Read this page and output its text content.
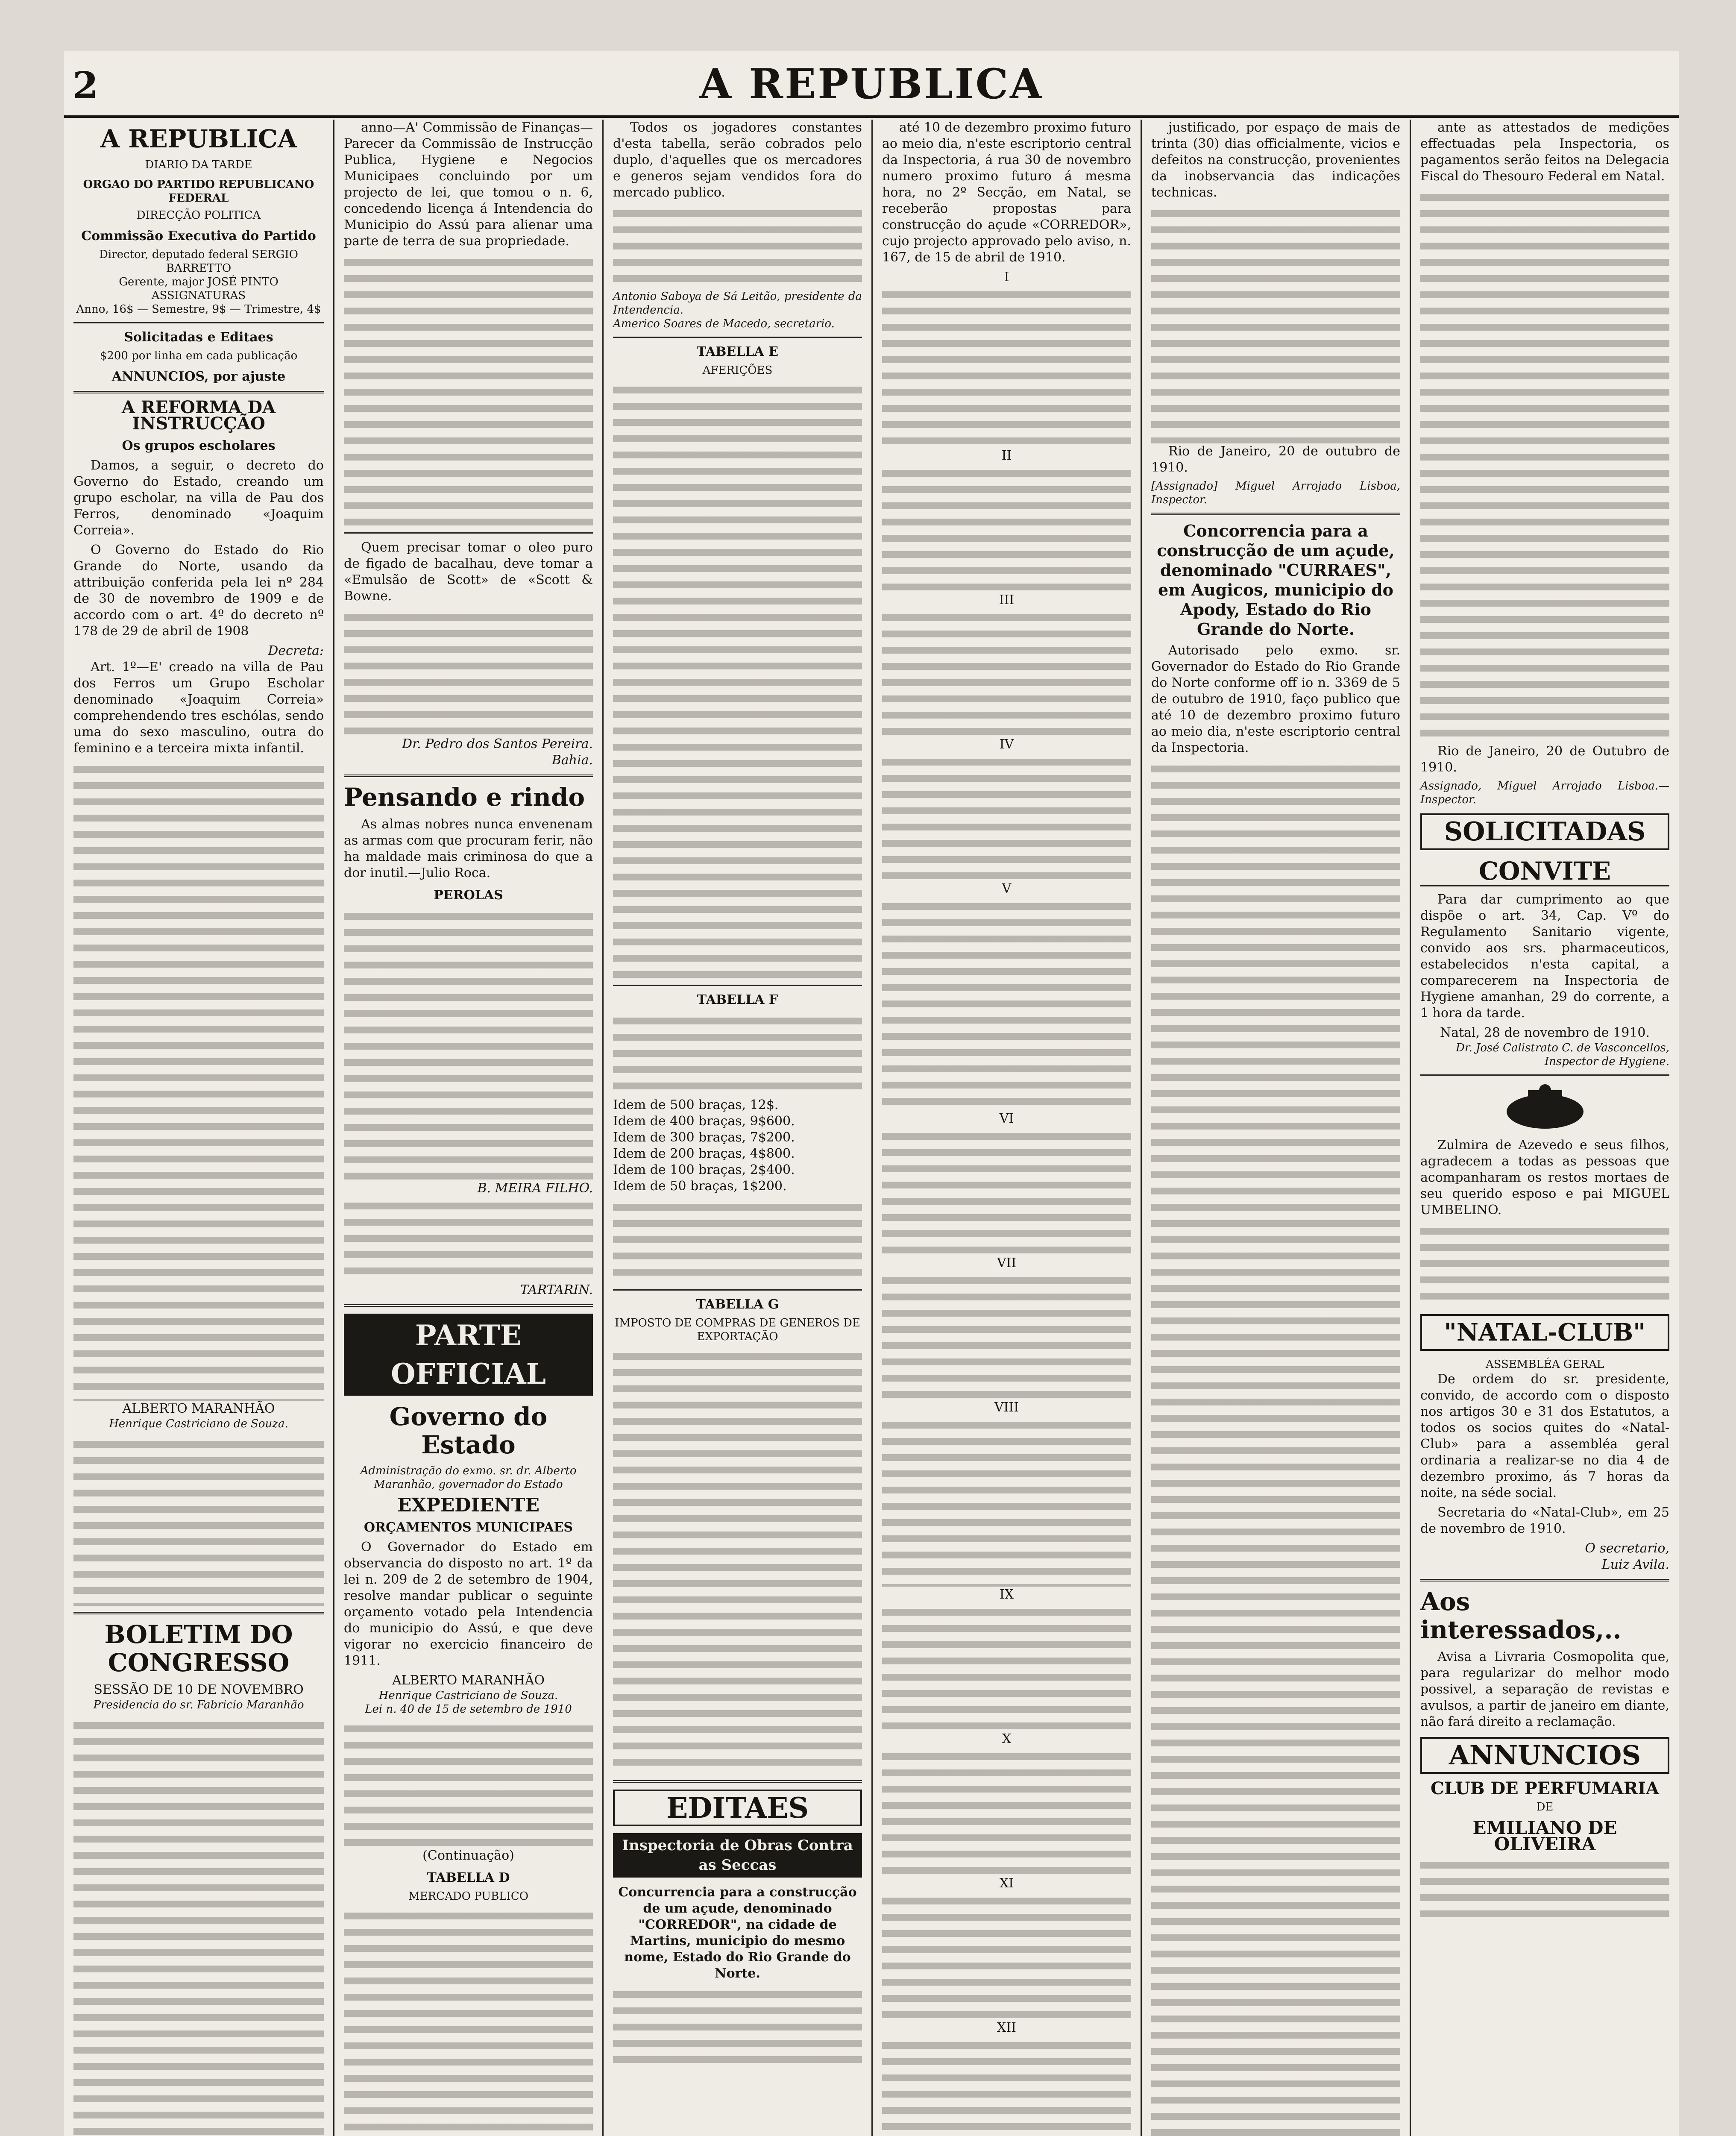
2	A REPUBLICA
A REPUBLICA
DIARIO DA TARDE
ORGAO DO PARTIDO REPUBLICANO FEDERAL
DIRECÇÃO POLITICA
Commissão Executiva do Partido
Director, deputado federal SERGIO BARRETTO
Gerente, major JOSÉ PINTO
ASSIGNATURAS
Anno, 16$ — Semestre, 9$ — Trimestre, 4$
Solicitadas e Editaes
$200 por linha em cada publicação
ANNUNCIOS, por ajuste
A REFORMA DA INSTRUCÇÃO
Os grupos escholares

Damos, a seguir, o decreto do Governo do Estado, creando um grupo escholar, na villa de Pau dos Ferros, denominado «Joaquim Correia».

O Governo do Estado do Rio Grande do Norte, usando da attribuição conferida pela lei nº 284 de 30 de novembro de 1909 e de accordo com o art. 4º do decreto nº 178 de 29 de abril de 1908

Decreta:

Art. 1º—E' creado na villa de Pau dos Ferros um Grupo Escholar denominado «Joaquim Correia» comprehendendo tres eschólas, sendo uma do sexo masculino, outra do feminino e a terceira mixta infantil.

ALBERTO MARANHÃO
Henrique Castriciano de Souza.
BOLETIM DO CONGRESSO
SESSÃO DE 10 DE NOVEMBRO
Presidencia do sr. Fabricio Maranhão

anno—A' Commissão de Finanças—Parecer da Commissão de Instrucção Publica, Hygiene e Negocios Municipaes concluindo por um projecto de lei, que tomou o n. 6, concedendo licença á Intendencia do Municipio do Assú para alienar uma parte de terra de sua propriedade.

Quem precisar tomar o oleo puro de figado de bacalhau, deve tomar a «Emulsão de Scott» de «Scott & Bowne.

Dr. Pedro dos Santos Pereira.
Bahia.
Pensando e rindo

As almas nobres nunca envenenam as armas com que procuram ferir, não ha maldade mais criminosa do que a dor inutil.—Julio Roca.

PEROLAS
B. MEIRA FILHO.
TARTARIN.
PARTE OFFICIAL
Governo do Estado
Administração do exmo. sr. dr. Alberto Maranhão, governador do Estado
EXPEDIENTE
ORÇAMENTOS MUNICIPAES

O Governador do Estado em observancia do disposto no art. 1º da lei n. 209 de 2 de setembro de 1904, resolve mandar publicar o seguinte orçamento votado pela Intendencia do municipio do Assú, e que deve vigorar no exercicio financeiro de 1911.

ALBERTO MARANHÃO
Henrique Castriciano de Souza.
Lei n. 40 de 15 de setembro de 1910
(Continuação)
TABELLA D
MERCADO PUBLICO

Todos os jogadores constantes d'esta tabella, serão cobrados pelo duplo, d'aquelles que os mercadores e generos sejam vendidos fora do mercado publico.

Antonio Saboya de Sá Leitão, presidente da Intendencia.
Americo Soares de Macedo, secretario.
TABELLA E
AFERIÇÕES
TABELLA F
Idem de 500 braças, 12$.
Idem de 400 braças, 9$600.
Idem de 300 braças, 7$200.
Idem de 200 braças, 4$800.
Idem de 100 braças, 2$400.
Idem de 50 braças, 1$200.
TABELLA G
IMPOSTO DE COMPRAS DE GENEROS DE EXPORTAÇÃO
EDITAES
Inspectoria de Obras Contra as Seccas
Concurrencia para a construcção de um açude, denominado "CORREDOR", na cidade de Martins, municipio do mesmo nome, Estado do Rio Grande do Norte.

até 10 de dezembro proximo futuro ao meio dia, n'este escriptorio central da Inspectoria, á rua 30 de novembro numero proximo futuro á mesma hora, no 2º Secção, em Natal, se receberão propostas para construcção do açude «CORREDOR», cujo projecto approvado pelo aviso, n. 167, de 15 de abril de 1910.

I
II
III
IV
V
VI
VII
VIII
IX
X
XI
XII

justificado, por espaço de mais de trinta (30) dias officialmente, vicios e defeitos na construcção, provenientes da inobservancia das indicações technicas.

Rio de Janeiro, 20 de outubro de 1910.

[Assignado] Miguel Arrojado Lisboa, Inspector.
Concorrencia para a construcção de um açude, denominado "CURRAES", em Augicos, municipio do Apody, Estado do Rio Grande do Norte.

Autorisado pelo exmo. sr. Governador do Estado do Rio Grande do Norte conforme off io n. 3369 de 5 de outubro de 1910, faço publico que até 10 de dezembro proximo futuro ao meio dia, n'este escriptorio central da Inspectoria.

ante as attestados de medições effectuadas pela Inspectoria, os pagamentos serão feitos na Delegacia Fiscal do Thesouro Federal em Natal.

Rio de Janeiro, 20 de Outubro de 1910.

Assignado, Miguel Arrojado Lisboa.—Inspector.
SOLICITADAS
CONVITE

Para dar cumprimento ao que dispõe o art. 34, Cap. Vº do Regulamento Sanitario vigente, convido aos srs. pharmaceuticos, estabelecidos n'esta capital, a comparecerem na Inspectoria de Hygiene amanhan, 29 do corrente, a 1 hora da tarde.

Natal, 28 de novembro de 1910.
Dr. José Calistrato C. de Vasconcellos, Inspector de Hygiene.

Zulmira de Azevedo e seus filhos, agradecem a todas as pessoas que acompanharam os restos mortaes de seu querido esposo e pai MIGUEL UMBELINO.

"NATAL-CLUB"
ASSEMBLÉA GERAL

De ordem do sr. presidente, convido, de accordo com o disposto nos artigos 30 e 31 dos Estatutos, a todos os socios quites do «Natal-Club» para a assembléa geral ordinaria a realizar-se no dia 4 de dezembro proximo, ás 7 horas da noite, na séde social.

Secretaria do «Natal-Club», em 25 de novembro de 1910.

O secretario,
Luiz Avila.
Aos interessados,..

Avisa a Livraria Cosmopolita que, para regularizar do melhor modo possivel, a separação de revistas e avulsos, a partir de janeiro em diante, não fará direito a reclamação.

ANNUNCIOS
CLUB DE PERFUMARIA
DE
EMILIANO DE OLIVEIRA
